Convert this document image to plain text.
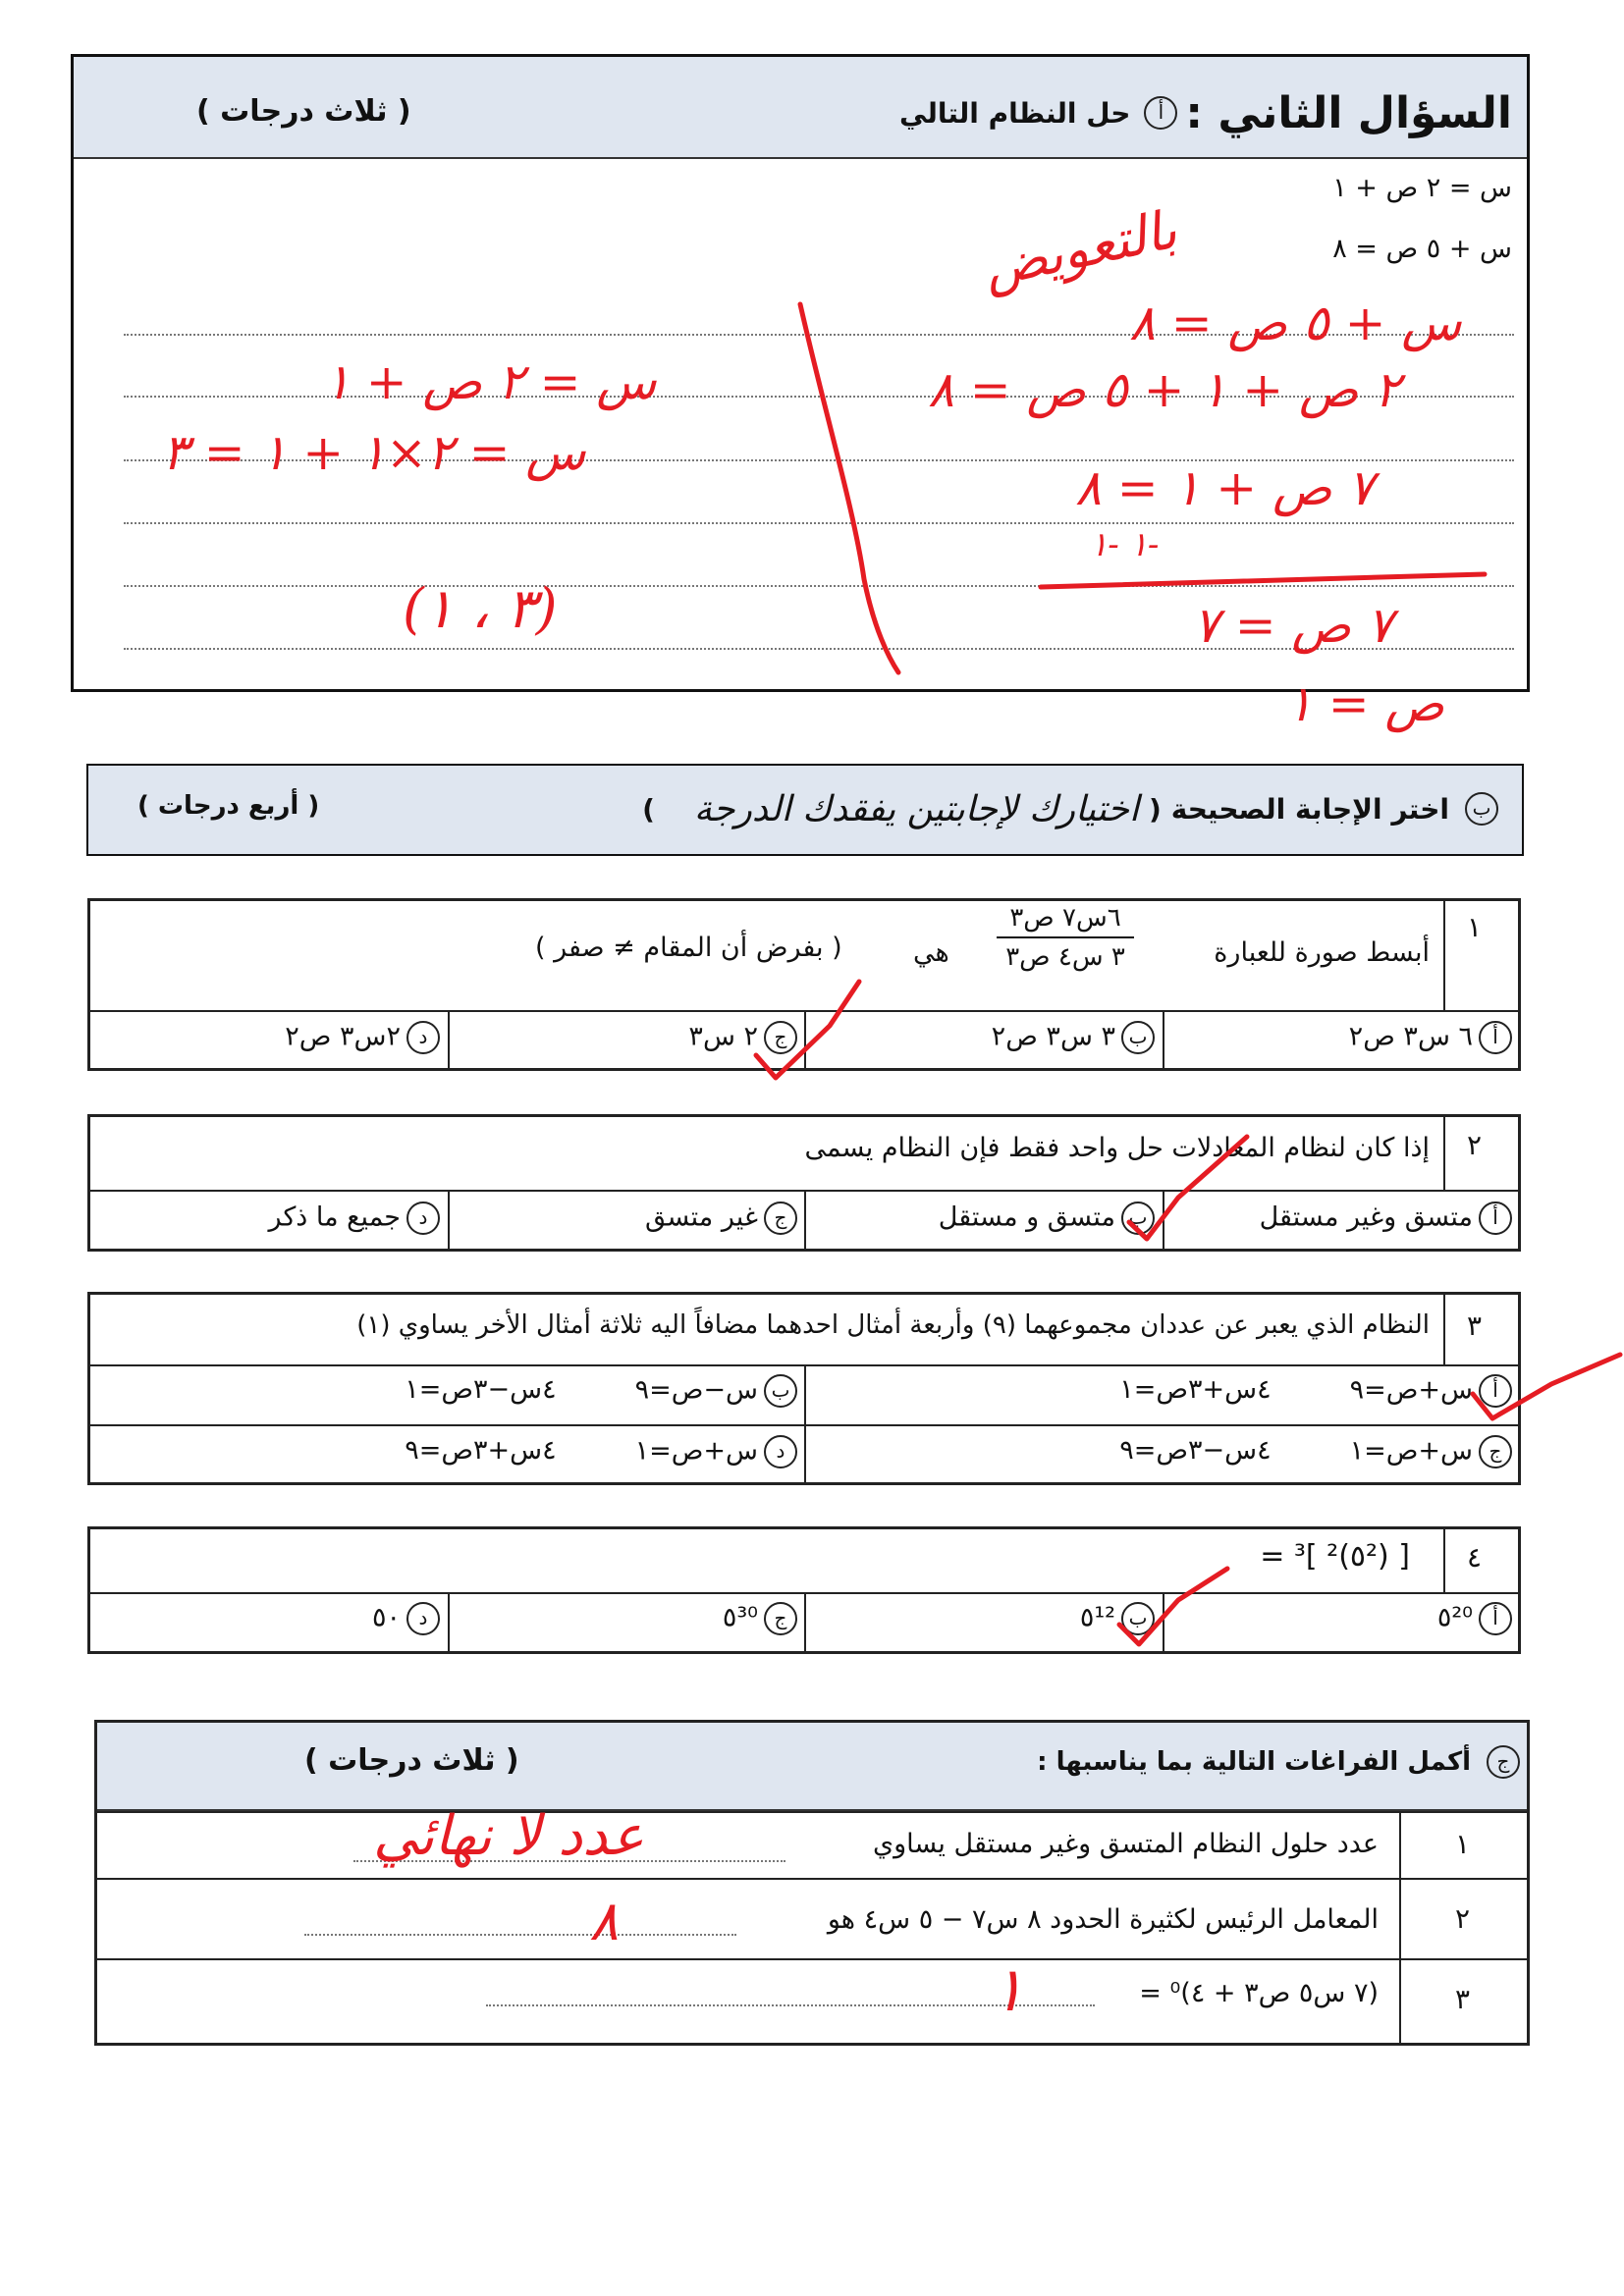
السؤال الثاني :
أ
حل النظام التالي
( ثلاث درجات )
س = ٢ ص + ١
س + ٥ ص = ٨
بالتعويض
س + ٥ ص = ٨
٢ ص + ١ + ٥ ص = ٨
٧ ص + ١ = ٨
-١ -١
٧ ص = ٧
ص = ١
س = ٢ ص + ١
س = ٢×١ + ١ = ٣
(٣ ، ١)
ب
اختر الإجابة الصحيحة
(
اختيارك لإجابتين يفقدك الدرجة
)
( أربع درجات )
١
أبسط صورة للعبارة
٦س٧ ص٣
٣ س٤ ص٣
هي
( بفرض أن المقام ≠ صفر )
أ٦ س٣ ص٢
ب٣ س٣ ص٢
ج٢ س٣
د٢س٣ ص٢
٢
إذا كان لنظام المعادلات حل واحد فقط فإن النظام يسمى
أمتسق وغير مستقل
بمتسق و مستقل
جغير متسق
دجميع ما ذكر
٣
النظام الذي يعبر عن عددان مجموعهما (٩) وأربعة أمثال احدهما مضافاً اليه ثلاثة أمثال الأخر يساوي (١)
أس+ص=٩
٤س+٣ص=١
بس−ص=٩
٤س−٣ص=١
جس+ص=١
٤س−٣ص=٩
دس+ص=١
٤س+٣ص=٩
٤
[ (٥²)² ]³ =
أ٥²⁰
ب٥¹²
ج٥³⁰
د٥٠
ج
أكمل الفراغات التالية بما يناسبها :
( ثلاث درجات )
١
عدد حلول النظام المتسق وغير مستقل يساوي
عدد لا نهائي
٢
المعامل الرئيس لكثيرة الحدود ٨ س٧ − ٥ س٤ هو
٨
٣
(٧ س٥ ص٣ + ٤)⁰ =
١
